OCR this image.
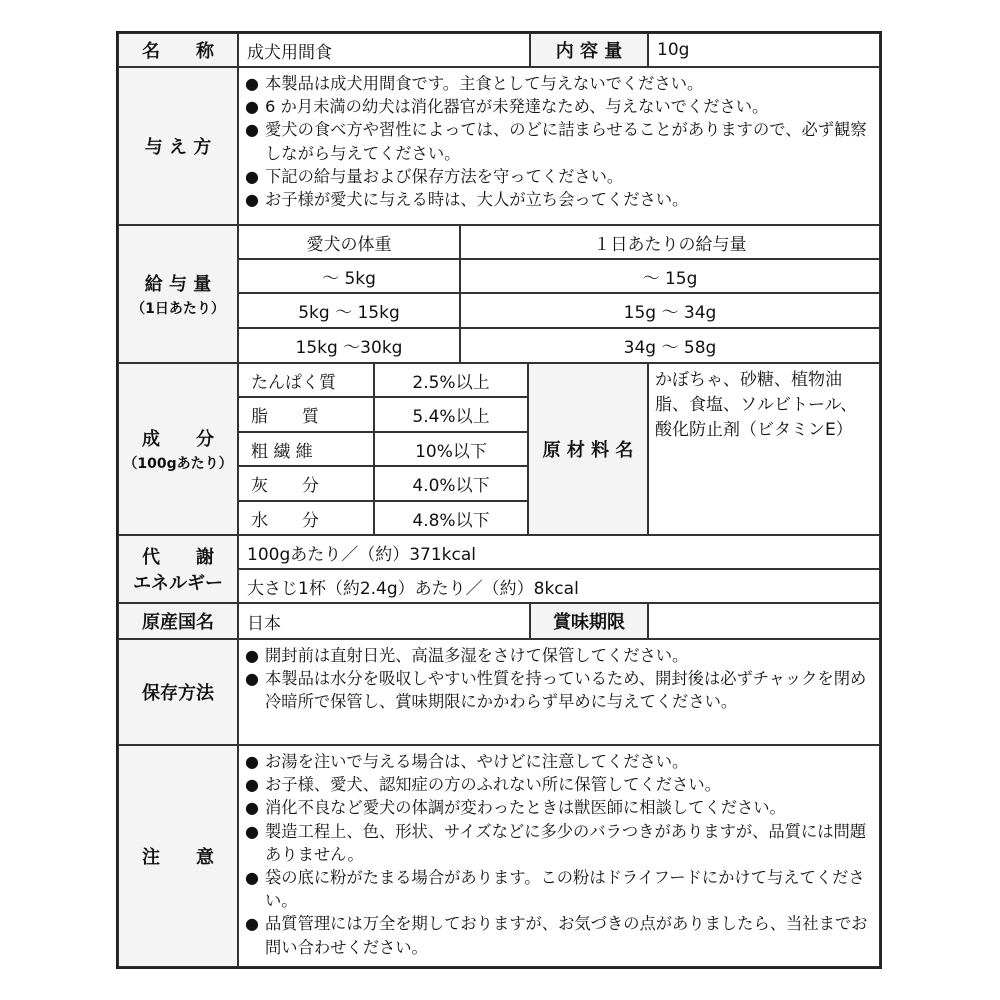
名　　称	成犬用間食	内 容 量	10g
与 え 方
● 本製品は成犬用間食です。主食として与えないでください。
● 6 か月未満の幼犬は消化器官が未発達なため、与えないでください。
● 愛犬の食べ方や習性によっては、のどに詰まらせることがありますので、必ず観察しながら与えてください。
● 下記の給与量および保存方法を守ってください。
● お子様が愛犬に与える時は、大人が立ち会ってください。
給 与 量
（1日あたり）
愛犬の体重	１日あたりの給与量
～ 5kg	～ 15g
5kg ～ 15kg	15g ～ 34g
15kg ～30kg	34g ～ 58g
成　　分
（100gあたり）
たんぱく質	2.5%以上
脂　　質	5.4%以上
粗 繊 維	10%以下
灰　　分	4.0%以下
水　　分	4.8%以下
原 材 料 名
かぼちゃ、砂糖、植物油脂、食塩、ソルビトール、酸化防止剤（ビタミンE）
代　　謝
エネルギー
100gあたり／（約）371kcal
大さじ1杯（約2.4g）あたり／（約）8kcal
原産国名	日本	賞味期限
保存方法
● 開封前は直射日光、高温多湿をさけて保管してください。
● 本製品は水分を吸収しやすい性質を持っているため、開封後は必ずチャックを閉め冷暗所で保管し、賞味期限にかかわらず早めに与えてください。
注　　意
● お湯を注いで与える場合は、やけどに注意してください。
● お子様、愛犬、認知症の方のふれない所に保管してください。
● 消化不良など愛犬の体調が変わったときは獣医師に相談してください。
● 製造工程上、色、形状、サイズなどに多少のバラつきがありますが、品質には問題ありません。
● 袋の底に粉がたまる場合があります。この粉はドライフードにかけて与えてください。
● 品質管理には万全を期しておりますが、お気づきの点がありましたら、当社までお問い合わせください。
